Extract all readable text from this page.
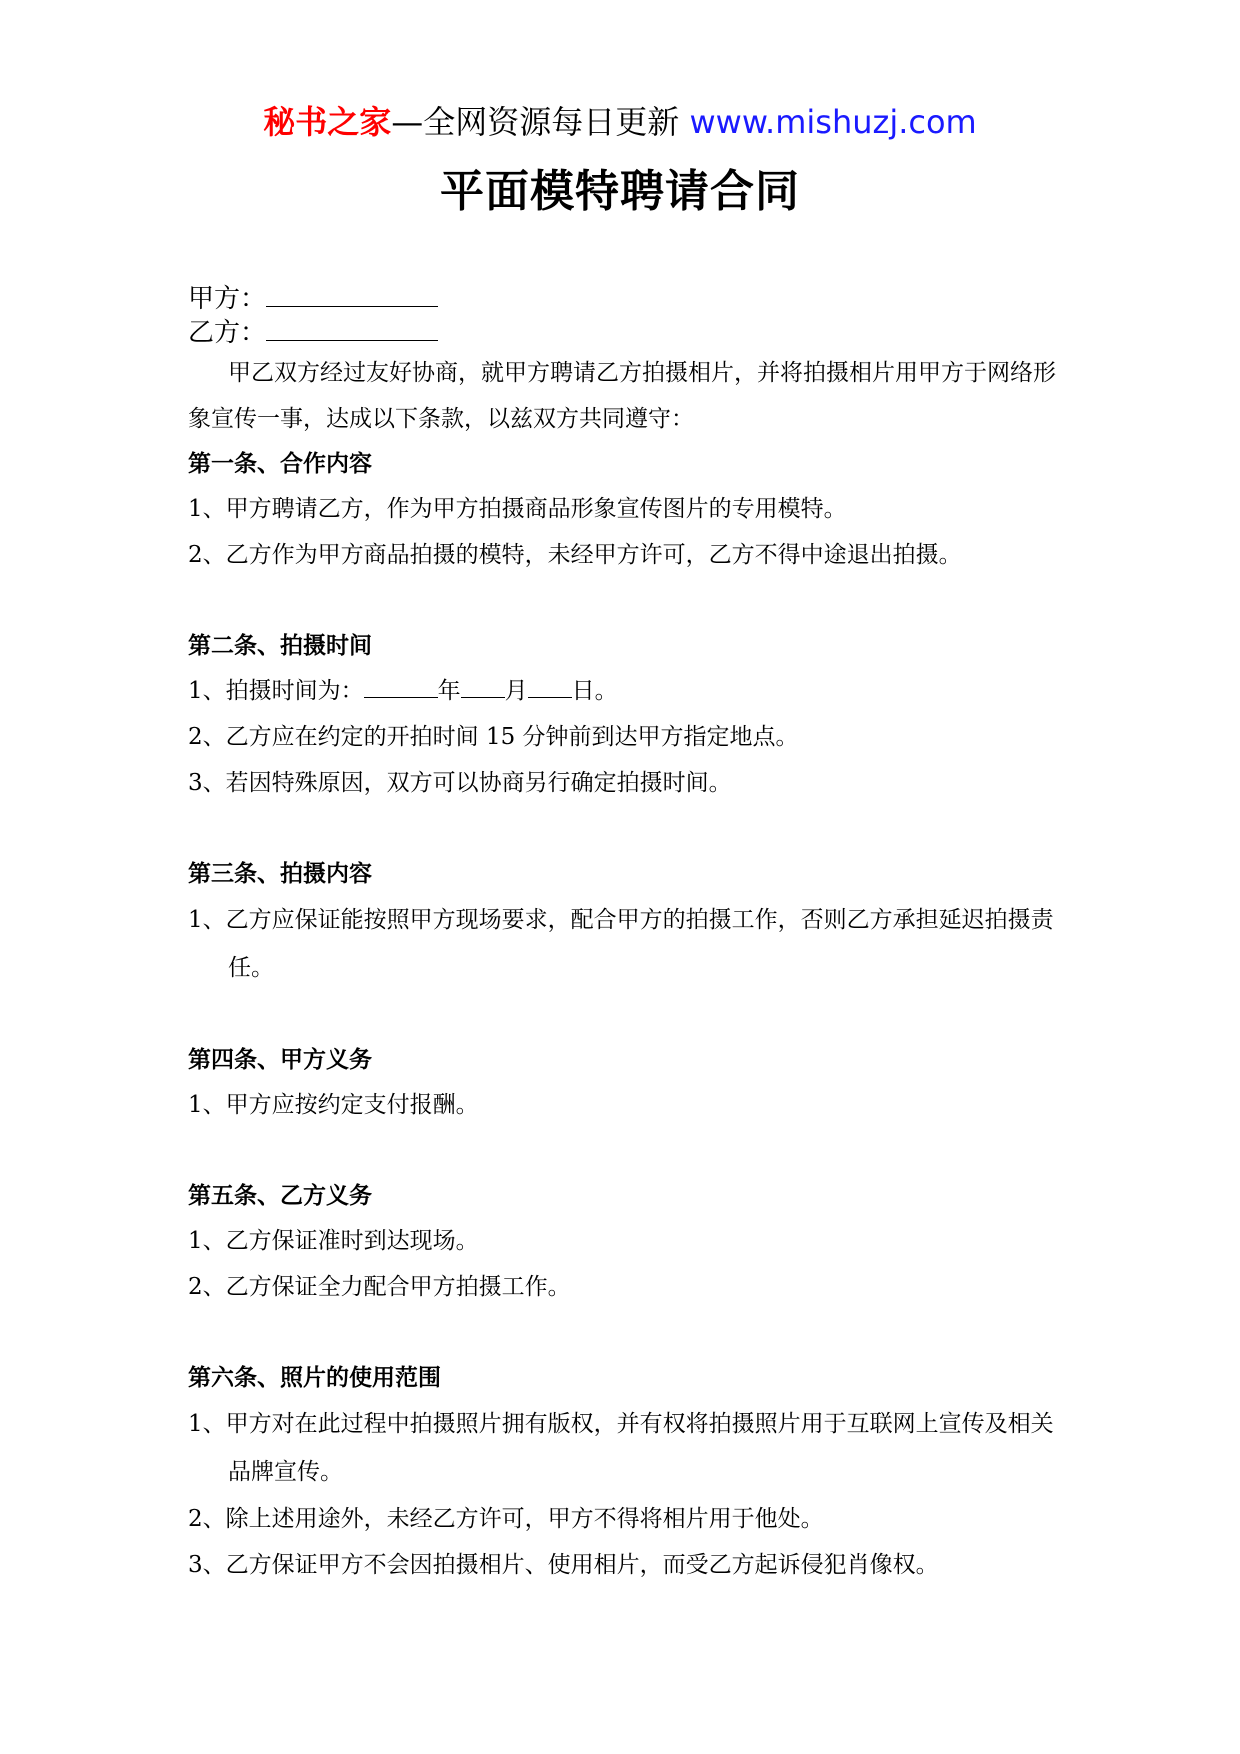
秘书之家—全网资源每日更新 www.mishuzj.com
平面模特聘请合同
甲方：
乙方：

甲乙双方经过友好协商，就甲方聘请乙方拍摄相片，并将拍摄相片用甲方于网络形象宣传一事，达成以下条款，以兹双方共同遵守：

第一条、合作内容
1、甲方聘请乙方，作为甲方拍摄商品形象宣传图片的专用模特。
2、乙方作为甲方商品拍摄的模特，未经甲方许可，乙方不得中途退出拍摄。
第二条、拍摄时间
1、拍摄时间为：	年 月 日。
2、乙方应在约定的开拍时间 15 分钟前到达甲方指定地点。
3、若因特殊原因，双方可以协商另行确定拍摄时间。
第三条、拍摄内容
1、乙方应保证能按照甲方现场要求，配合甲方的拍摄工作，否则乙方承担延迟拍摄责任。
第四条、甲方义务
1、甲方应按约定支付报酬。
第五条、乙方义务
1、乙方保证准时到达现场。
2、乙方保证全力配合甲方拍摄工作。
第六条、照片的使用范围
1、甲方对在此过程中拍摄照片拥有版权，并有权将拍摄照片用于互联网上宣传及相关品牌宣传。
2、除上述用途外，未经乙方许可，甲方不得将相片用于他处。
3、乙方保证甲方不会因拍摄相片、使用相片，而受乙方起诉侵犯肖像权。
